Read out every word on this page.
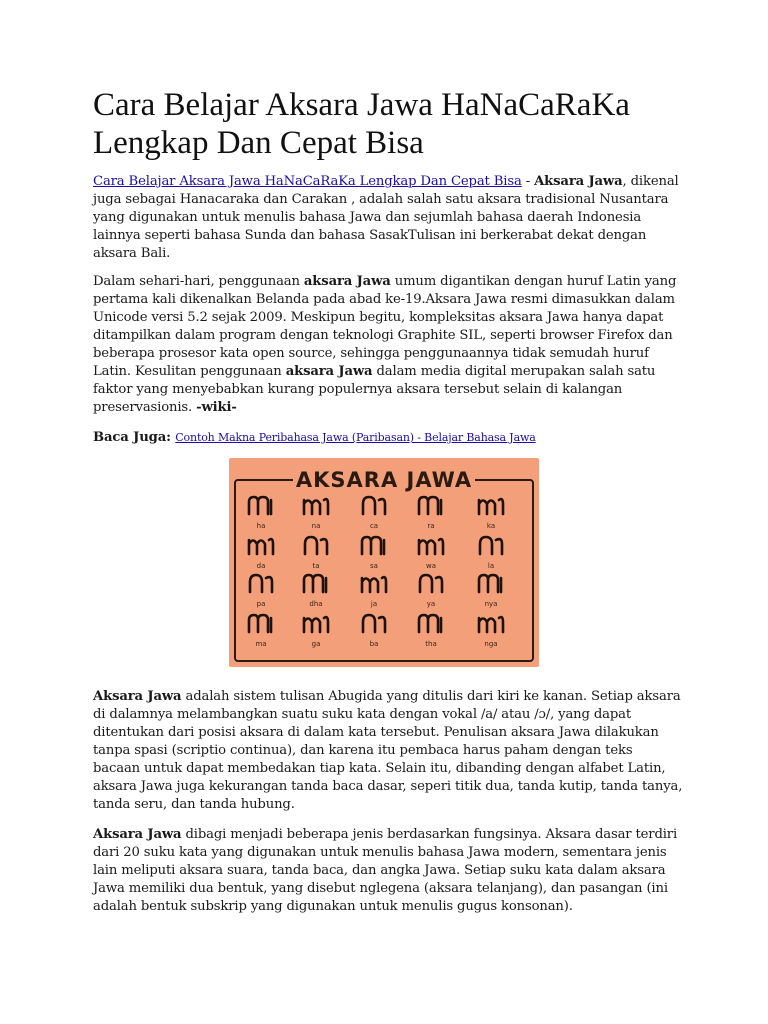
Cara Belajar Aksara Jawa HaNaCaRaKa Lengkap Dan Cepat Bisa

Cara Belajar Aksara Jawa HaNaCaRaKa Lengkap Dan Cepat Bisa - Aksara Jawa, dikenal juga sebagai Hanacaraka dan Carakan , adalah salah satu aksara tradisional Nusantara yang digunakan untuk menulis bahasa Jawa dan sejumlah bahasa daerah Indonesia lainnya seperti bahasa Sunda dan bahasa SasakTulisan ini berkerabat dekat dengan aksara Bali.

Dalam sehari-hari, penggunaan aksara Jawa umum digantikan dengan huruf Latin yang pertama kali dikenalkan Belanda pada abad ke-19.Aksara Jawa resmi dimasukkan dalam Unicode versi 5.2 sejak 2009. Meskipun begitu, kompleksitas aksara Jawa hanya dapat ditampilkan dalam program dengan teknologi Graphite SIL, seperti browser Firefox dan beberapa prosesor kata open source, sehingga penggunaannya tidak semudah huruf Latin. Kesulitan penggunaan aksara Jawa dalam media digital merupakan salah satu faktor yang menyebabkan kurang populernya aksara tersebut selain di kalangan preservasionis. -wiki-

Baca Juga: Contoh Makna Peribahasa Jawa (Paribasan) - Belajar Bahasa Jawa

AKSARA JAWA
ha	na	ca	ra	ka
da	ta	sa	wa	la
pa	dha	ja	ya	nya
ma	ga	ba	tha	nga

Aksara Jawa adalah sistem tulisan Abugida yang ditulis dari kiri ke kanan. Setiap aksara di dalamnya melambangkan suatu suku kata dengan vokal /a/ atau /ɔ/, yang dapat ditentukan dari posisi aksara di dalam kata tersebut. Penulisan aksara Jawa dilakukan tanpa spasi (scriptio continua), dan karena itu pembaca harus paham dengan teks bacaan untuk dapat membedakan tiap kata. Selain itu, dibanding dengan alfabet Latin, aksara Jawa juga kekurangan tanda baca dasar, seperi titik dua, tanda kutip, tanda tanya, tanda seru, dan tanda hubung.

Aksara Jawa dibagi menjadi beberapa jenis berdasarkan fungsinya. Aksara dasar terdiri dari 20 suku kata yang digunakan untuk menulis bahasa Jawa modern, sementara jenis lain meliputi aksara suara, tanda baca, dan angka Jawa. Setiap suku kata dalam aksara Jawa memiliki dua bentuk, yang disebut nglegena (aksara telanjang), dan pasangan (ini adalah bentuk subskrip yang digunakan untuk menulis gugus konsonan).
